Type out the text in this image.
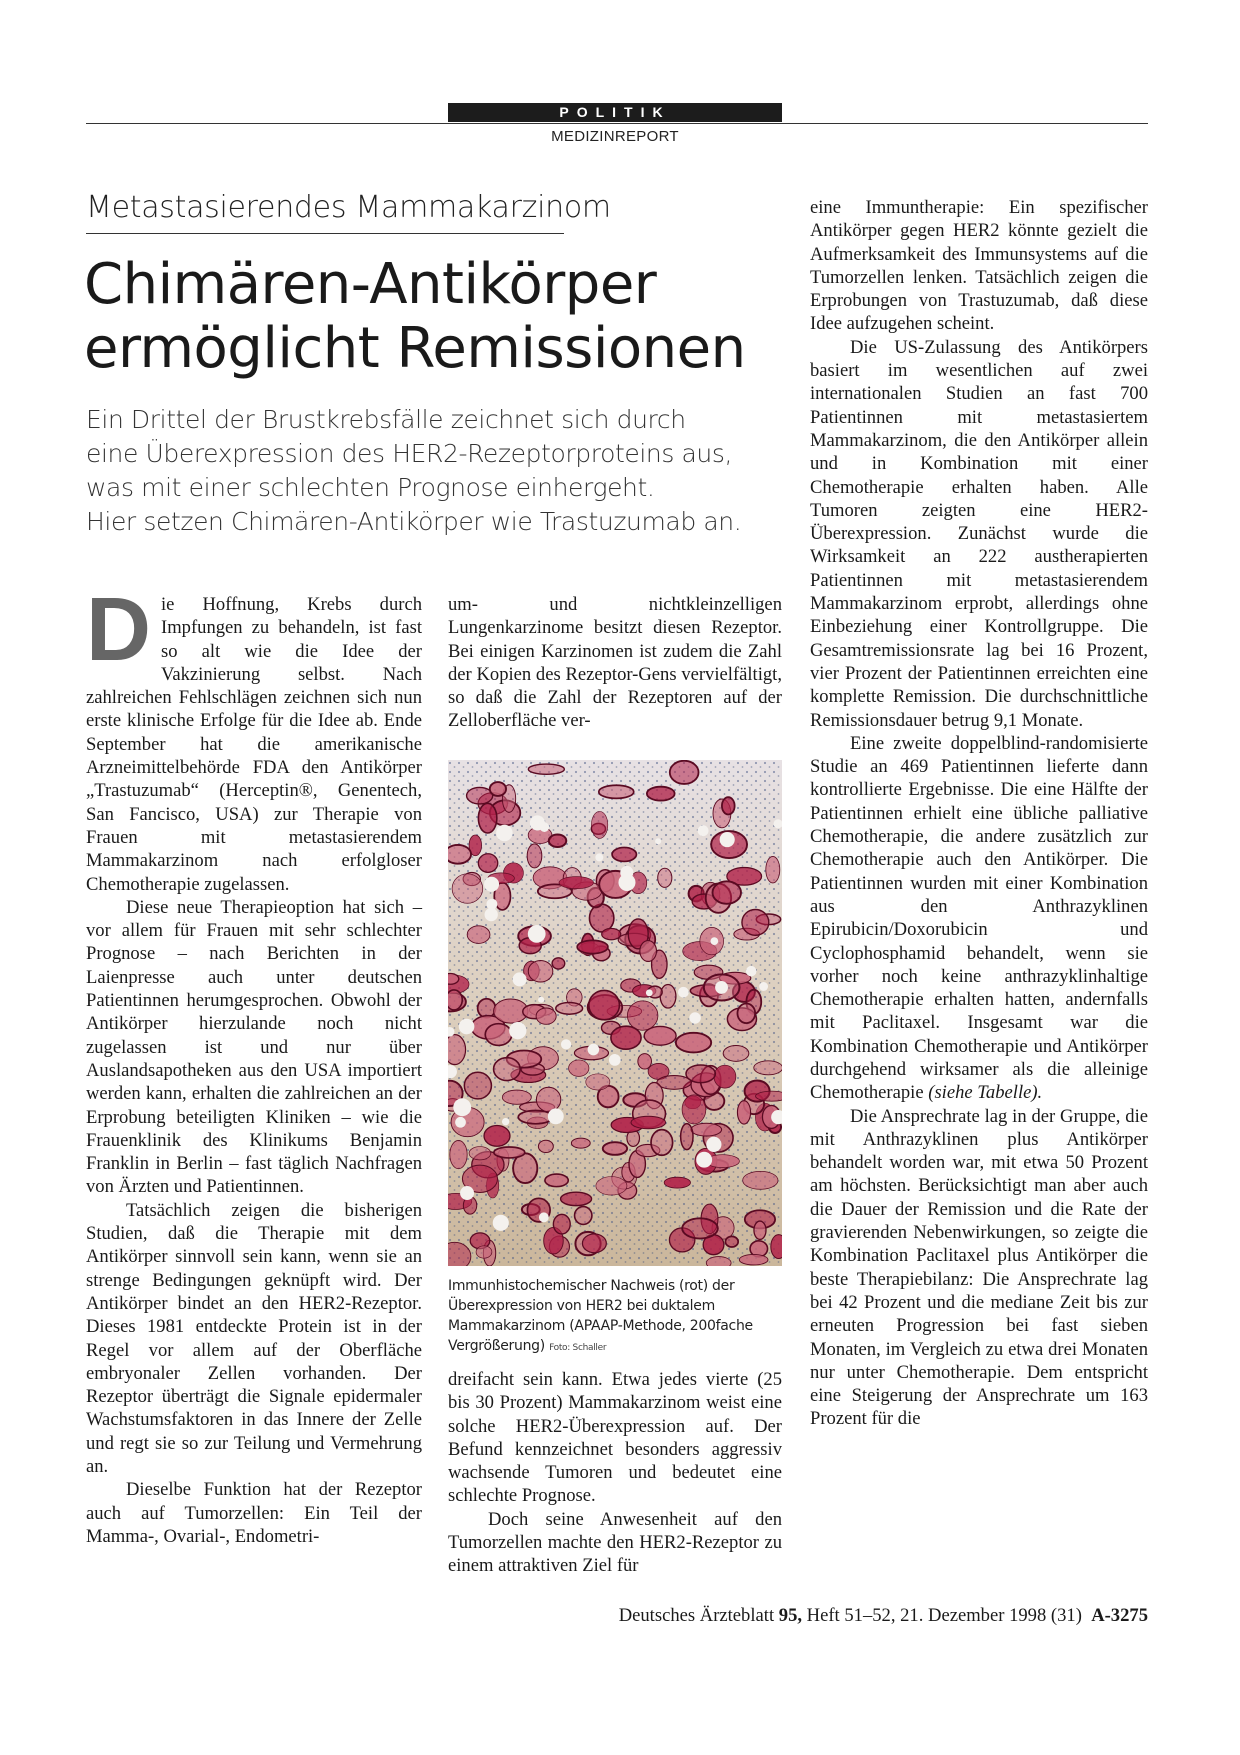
POLITIK
MEDIZINREPORT
Metastasierendes Mammakarzinom
Chimären-Antikörper
ermöglicht Remissionen

Ein Drittel der Brustkrebsfälle zeichnet sich durch
eine Überexpression des HER2-Rezeptorproteins aus,
was mit einer schlechten Prognose einhergeht.
Hier setzen Chimären-Antikörper wie Trastuzumab an.

Die Hoffnung, Krebs durch Impfungen zu behandeln, ist fast so alt wie die Idee der Vakzinierung selbst. Nach zahlreichen Fehlschlägen zeichnen sich nun erste klinische Erfolge für die Idee ab. Ende September hat die amerikanische Arzneimittelbehörde FDA den Antikörper „Trastuzumab“ (Herceptin®, Genentech, San Fancisco, USA) zur Therapie von Frauen mit metastasierendem Mammakarzinom nach erfolgloser Chemotherapie zugelassen.

Diese neue Therapieoption hat sich – vor allem für Frauen mit sehr schlechter Prognose – nach Berichten in der Laienpresse auch unter deutschen Patientinnen herumgesprochen. Obwohl der Antikörper hierzulande noch nicht zugelassen ist und nur über Auslandsapotheken aus den USA importiert werden kann, erhalten die zahlreichen an der Erprobung beteiligten Kliniken – wie die Frauenklinik des Klinikums Benjamin Franklin in Berlin – fast täglich Nachfragen von Ärzten und Patientinnen.

Tatsächlich zeigen die bisherigen Studien, daß die Therapie mit dem Antikörper sinnvoll sein kann, wenn sie an strenge Bedingungen geknüpft wird. Der Antikörper bindet an den HER2-Rezeptor. Dieses 1981 entdeckte Protein ist in der Regel vor allem auf der Oberfläche embryonaler Zellen vorhanden. Der Rezeptor überträgt die Signale epidermaler Wachstumsfaktoren in das Innere der Zelle und regt sie so zur Teilung und Vermehrung an.

Dieselbe Funktion hat der Rezeptor auch auf Tumorzellen: Ein Teil der Mamma-, Ovarial-, Endometri-

um- und nichtkleinzelligen Lungenkarzinome besitzt diesen Rezeptor. Bei einigen Karzinomen ist zudem die Zahl der Kopien des Rezeptor-Gens vervielfältigt, so daß die Zahl der Rezeptoren auf der Zelloberfläche ver-

Immunhistochemischer Nachweis (rot) der Überexpression von HER2 bei duktalem Mammakarzinom (APAAP-Methode, 200fache Vergrößerung) Foto: Schaller

dreifacht sein kann. Etwa jedes vierte (25 bis 30 Prozent) Mammakarzinom weist eine solche HER2-Überexpression auf. Der Befund kennzeichnet besonders aggressiv wachsende Tumoren und bedeutet eine schlechte Prognose.

Doch seine Anwesenheit auf den Tumorzellen machte den HER2-Rezeptor zu einem attraktiven Ziel für

eine Immuntherapie: Ein spezifischer Antikörper gegen HER2 könnte gezielt die Aufmerksamkeit des Immunsystems auf die Tumorzellen lenken. Tatsächlich zeigen die Erprobungen von Trastuzumab, daß diese Idee aufzugehen scheint.

Die US-Zulassung des Antikörpers basiert im wesentlichen auf zwei internationalen Studien an fast 700 Patientinnen mit metastasiertem Mammakarzinom, die den Antikörper allein und in Kombination mit einer Chemotherapie erhalten haben. Alle Tumoren zeigten eine HER2-Überexpression. Zunächst wurde die Wirksamkeit an 222 austherapierten Patientinnen mit metastasierendem Mammakarzinom erprobt, allerdings ohne Einbeziehung einer Kontrollgruppe. Die Gesamtremissionsrate lag bei 16 Prozent, vier Prozent der Patientinnen erreichten eine komplette Remission. Die durchschnittliche Remissionsdauer betrug 9,1 Monate.

Eine zweite doppelblind-randomisierte Studie an 469 Patientinnen lieferte dann kontrollierte Ergebnisse. Die eine Hälfte der Patientinnen erhielt eine übliche palliative Chemotherapie, die andere zusätzlich zur Chemotherapie auch den Antikörper. Die Patientinnen wurden mit einer Kombination aus den Anthrazyklinen Epirubicin/Doxorubicin und Cyclophosphamid behandelt, wenn sie vorher noch keine anthrazyklinhaltige Chemotherapie erhalten hatten, andernfalls mit Paclitaxel. Insgesamt war die Kombination Chemotherapie und Antikörper durchgehend wirksamer als die alleinige Chemotherapie (siehe Tabelle).

Die Ansprechrate lag in der Gruppe, die mit Anthrazyklinen plus Antikörper behandelt worden war, mit etwa 50 Prozent am höchsten. Berücksichtigt man aber auch die Dauer der Remission und die Rate der gravierenden Nebenwirkungen, so zeigte die Kombination Paclitaxel plus Antikörper die beste Therapiebilanz: Die Ansprechrate lag bei 42 Prozent und die mediane Zeit bis zur erneuten Progression bei fast sieben Monaten, im Vergleich zu etwa drei Monaten nur unter Chemotherapie. Dem entspricht eine Steigerung der Ansprechrate um 163 Prozent für die

Deutsches Ärzteblatt 95, Heft 51–52, 21. Dezember 1998 (31) A-3275
